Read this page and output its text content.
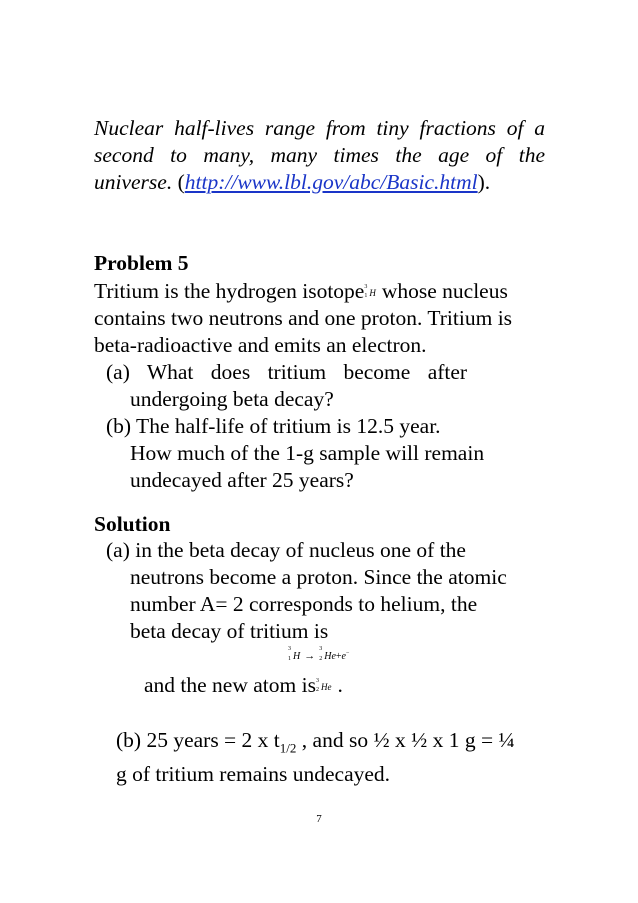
Nuclear half-lives range from tiny fractions of a
second to many, many times the age of the
universe. (http://www.lbl.gov/abc/Basic.html).
Problem 5
Tritium is the hydrogen isotope 3
1 H whose nucleus
contains two neutrons and one proton. Tritium is
beta-radioactive and emits an electron.
(a) What does tritium become after
undergoing beta decay?
(b) The half-life of tritium is 12.5 year.
How much of the 1-g sample will remain
undecayed after 25 years?
Solution
(a) in the beta decay of nucleus one of the
neutrons become a proton. Since the atomic
number A= 2 corresponds to helium, the
beta decay of tritium is
3
1 H →
3
2 He+e−
and the new atom is 3
2 He .
(b) 25 years = 2 x $t_{1/2}$ , and so ½ x ½ x 1 g = ¼
g of tritium remains undecayed.
7
